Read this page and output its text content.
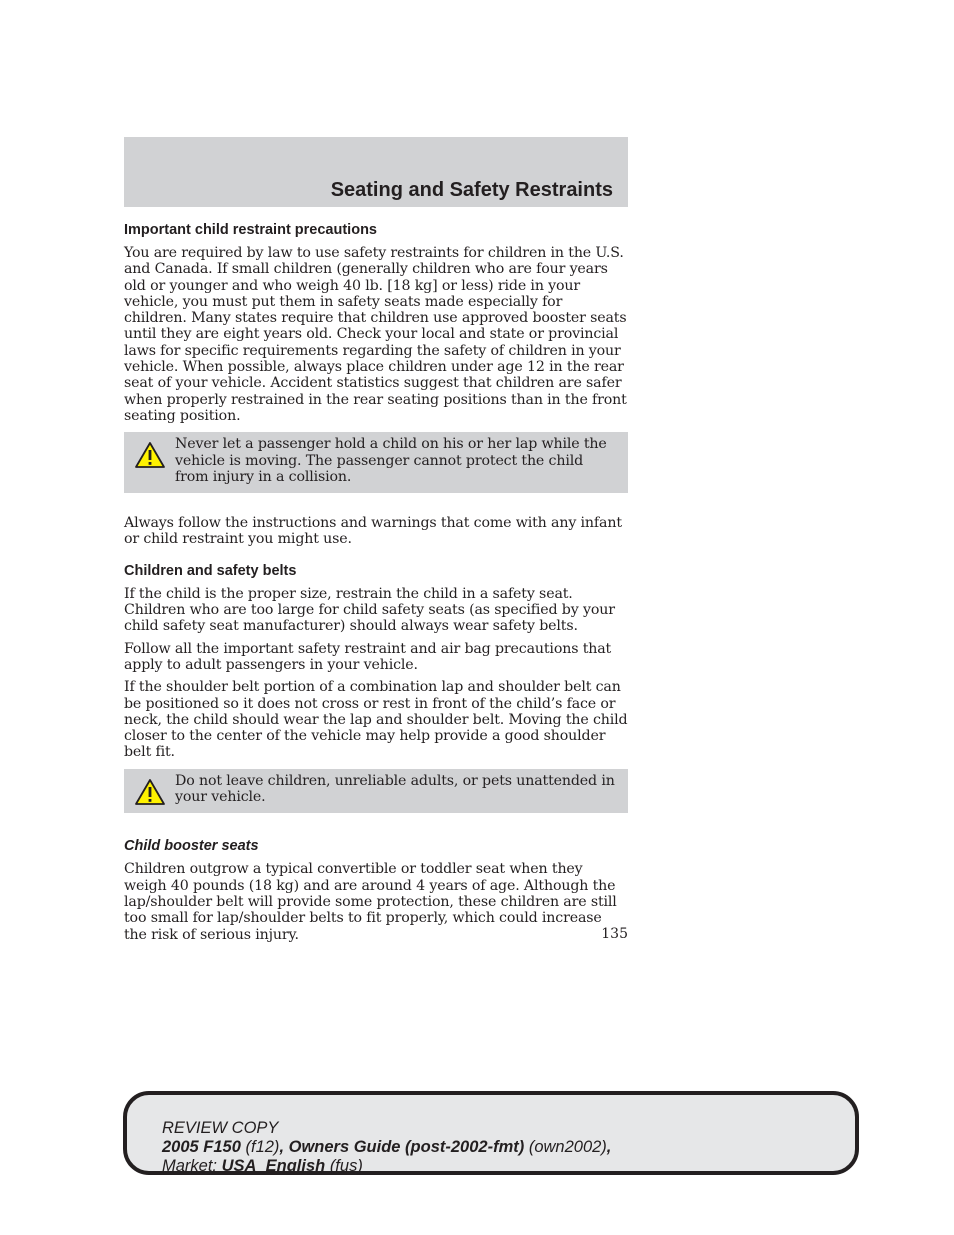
Seating and Safety Restraints
Important child restraint precautions

You are required by law to use safety restraints for children in the U.S. and Canada. If small children (generally children who are four years old or younger and who weigh 40 lb. [18 kg] or less) ride in your vehicle, you must put them in safety seats made especially for children. Many states require that children use approved booster seats until they are eight years old. Check your local and state or provincial laws for specific requirements regarding the safety of children in your vehicle. When possible, always place children under age 12 in the rear seat of your vehicle. Accident statistics suggest that children are safer when properly restrained in the rear seating positions than in the front seating position.

Never let a passenger hold a child on his or her lap while the vehicle is moving. The passenger cannot protect the child from injury in a collision.

Always follow the instructions and warnings that come with any infant or child restraint you might use.

Children and safety belts

If the child is the proper size, restrain the child in a safety seat. Children who are too large for child safety seats (as specified by your child safety seat manufacturer) should always wear safety belts.

Follow all the important safety restraint and air bag precautions that apply to adult passengers in your vehicle.

If the shoulder belt portion of a combination lap and shoulder belt can be positioned so it does not cross or rest in front of the child’s face or neck, the child should wear the lap and shoulder belt. Moving the child closer to the center of the vehicle may help provide a good shoulder belt fit.

Do not leave children, unreliable adults, or pets unattended in your vehicle.
Child booster seats

Children outgrow a typical convertible or toddler seat when they weigh 40 pounds (18 kg) and are around 4 years of age. Although the lap/shoulder belt will provide some protection, these children are still too small for lap/shoulder belts to fit properly, which could increase the risk of serious injury.	135
REVIEW COPY
2005 F150 (f12), Owners Guide (post-2002-fmt) (own2002),
Market: USA_English (fus)
